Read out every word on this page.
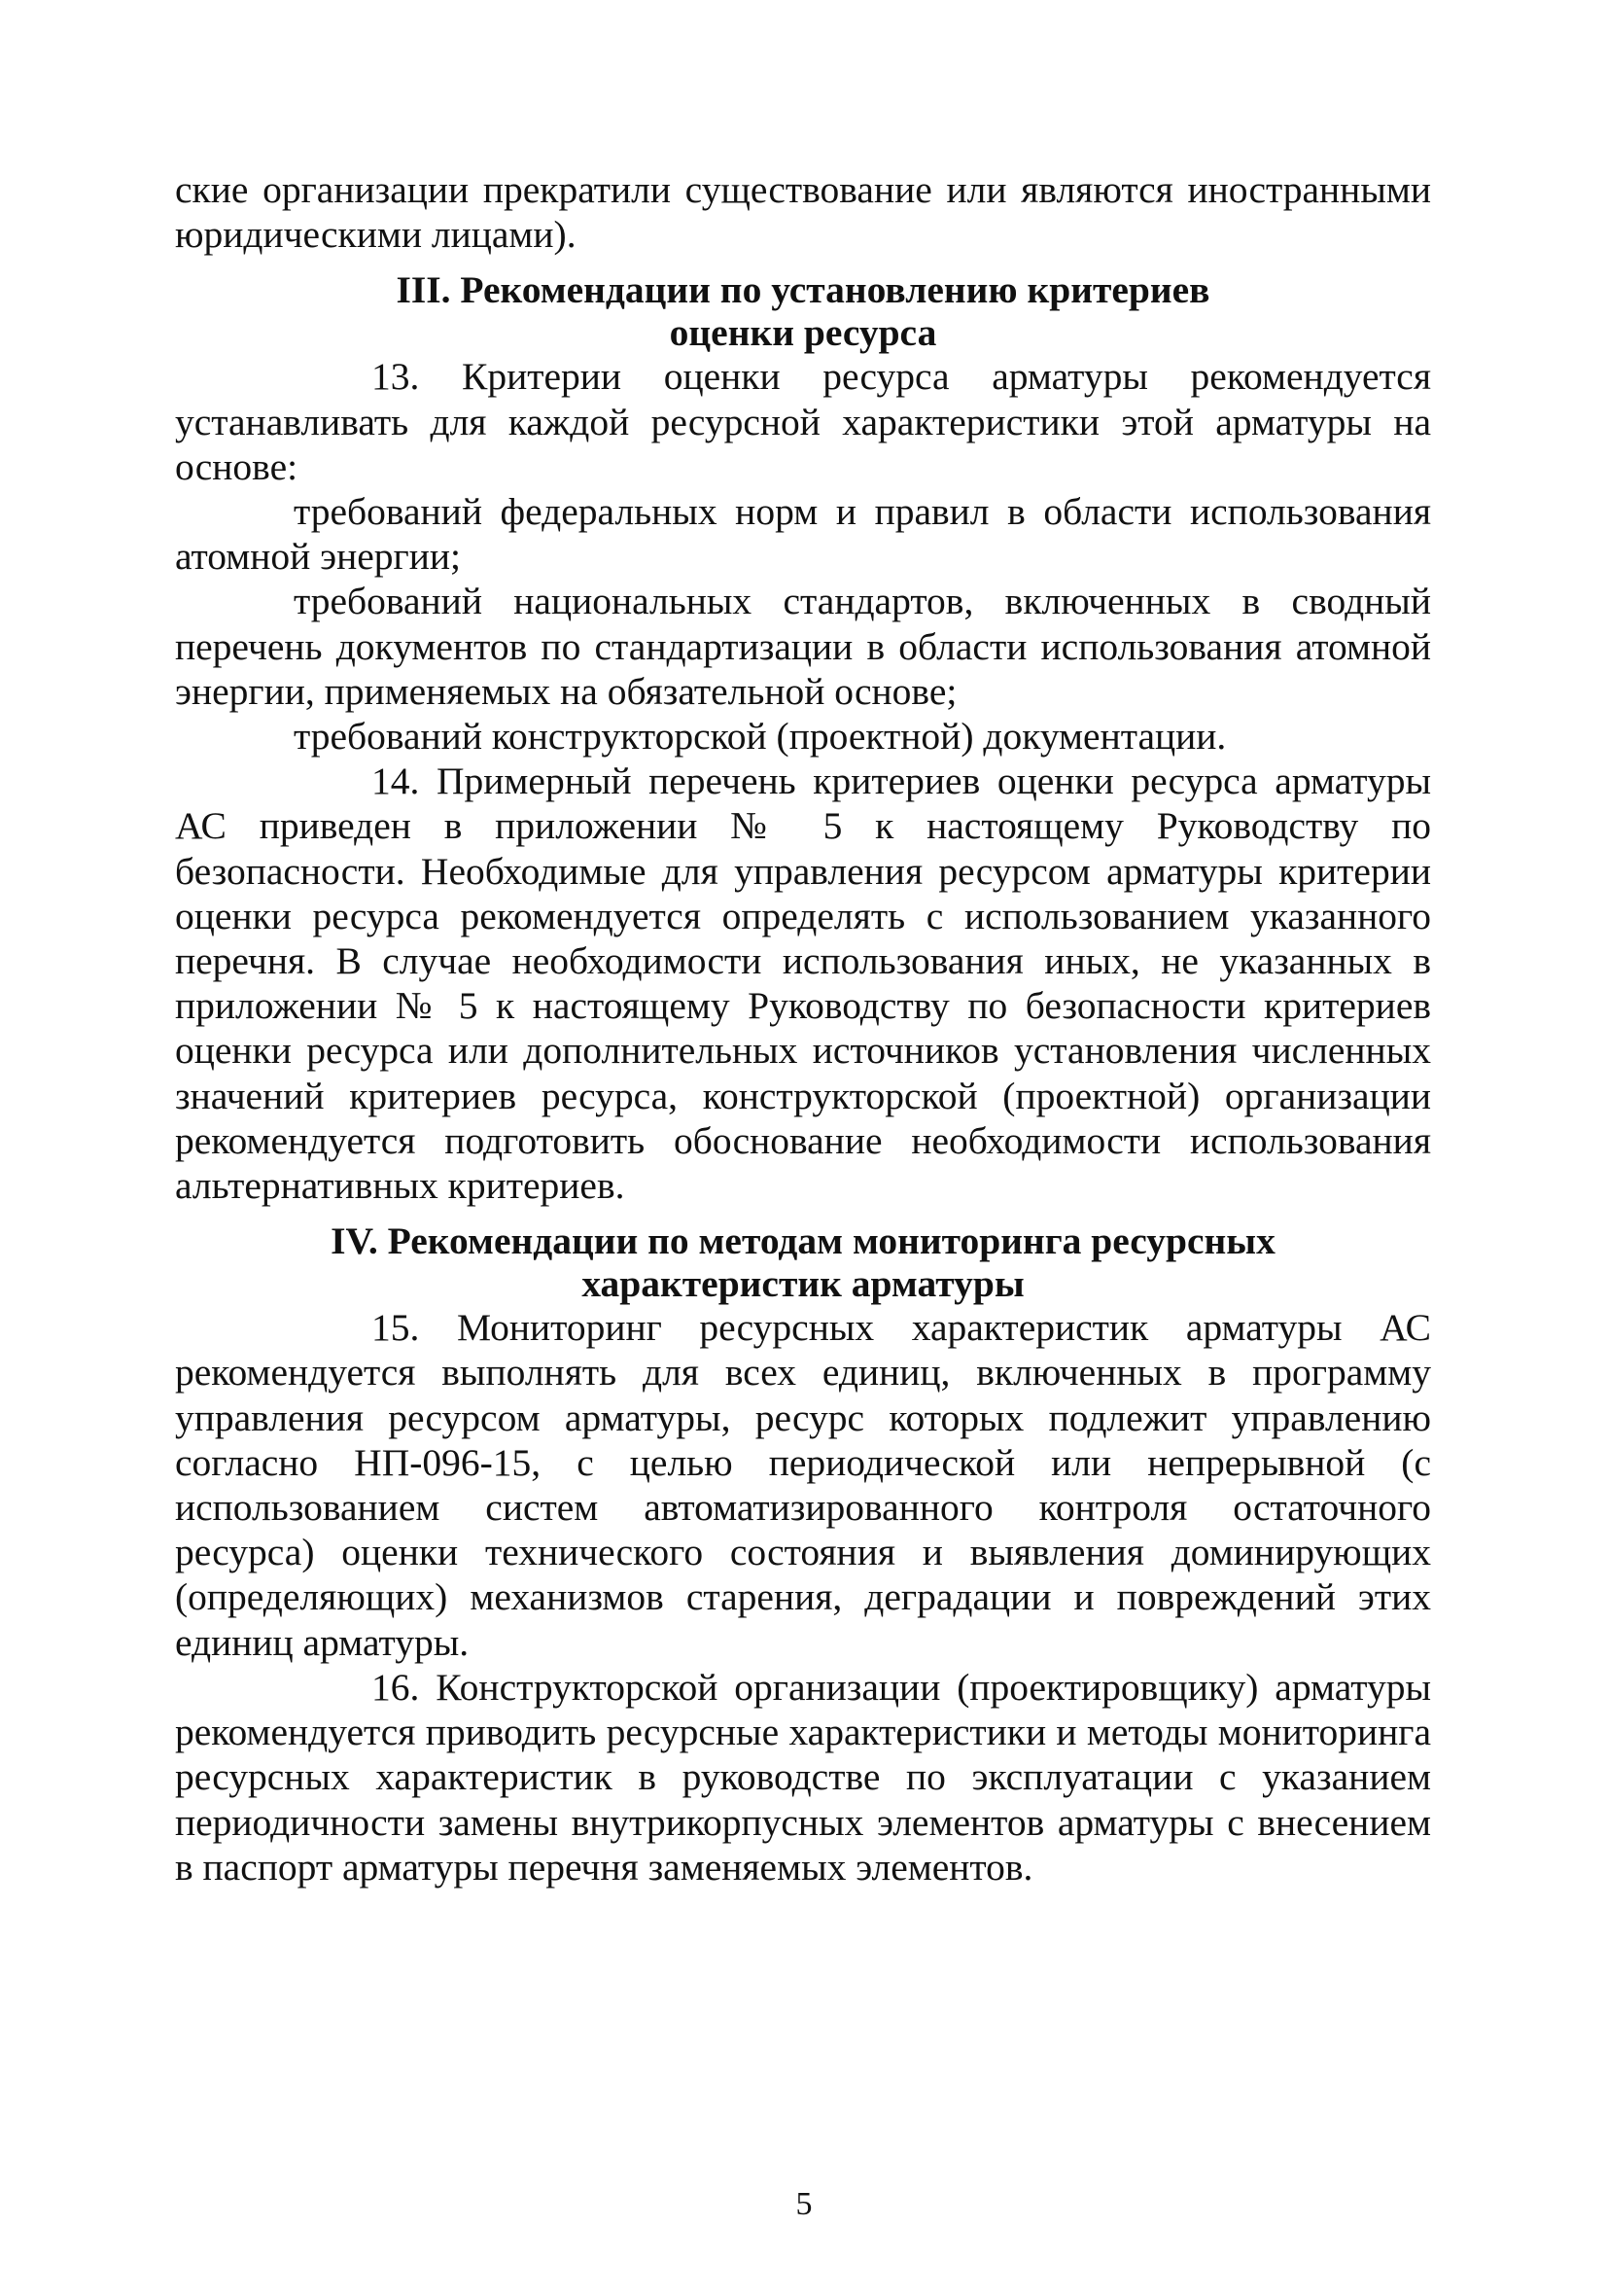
ские организации прекратили существование или являются иностранными юридическими лицами).

III. Рекомендации по установлению критериев
оценки ресурса

13. Критерии оценки ресурса арматуры рекомендуется устанавливать для каждой ресурсной характеристики этой арматуры на основе:

требований федеральных норм и правил в области использования атомной энергии;

требований национальных стандартов, включенных в сводный перечень документов по стандартизации в области использования атомной энергии, применяемых на обязательной основе;

требований конструкторской (проектной) документации.

14. Примерный перечень критериев оценки ресурса арматуры АС приведен в приложении № 5 к настоящему Руководству по безопасности. Необходимые для управления ресурсом арматуры критерии оценки ресурса рекомендуется определять с использованием указанного перечня. В случае необходимости использования иных, не указанных в приложении № 5 к настоящему Руководству по безопасности критериев оценки ресурса или дополнительных источников установления численных значений критериев ресурса, конструкторской (проектной) организации рекомендуется подготовить обоснование необходимости использования альтернативных критериев.

IV. Рекомендации по методам мониторинга ресурсных
характеристик арматуры

15. Мониторинг ресурсных характеристик арматуры АС рекомендуется выполнять для всех единиц, включенных в программу управления ресурсом арматуры, ресурс которых подлежит управлению согласно НП-096-15, с целью периодической или непрерывной (с использованием систем автоматизированного контроля остаточного ресурса) оценки технического состояния и выявления доминирующих (определяющих) механизмов старения, деградации и повреждений этих единиц арматуры.

16. Конструкторской организации (проектировщику) арматуры рекомендуется приводить ресурсные характеристики и методы мониторинга ресурсных характеристик в руководстве по эксплуатации с указанием периодичности замены внутрикорпусных элементов арматуры с внесением в паспорт арматуры перечня заменяемых элементов.

5
